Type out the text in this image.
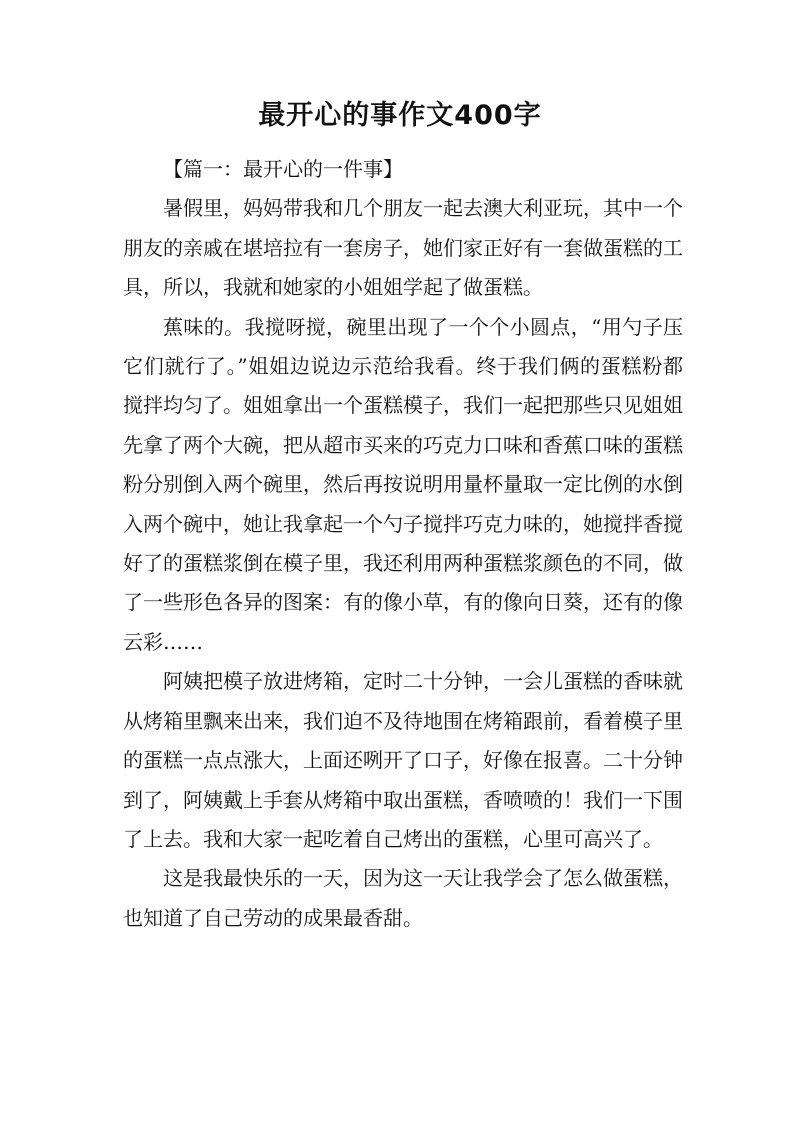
最开心的事作文400字

【篇一：最开心的一件事】

暑假里，妈妈带我和几个朋友一起去澳大利亚玩，其中一个朋友的亲戚在堪培拉有一套房子，她们家正好有一套做蛋糕的工具，所以，我就和她家的小姐姐学起了做蛋糕。

蕉味的。我搅呀搅，碗里出现了一个个小圆点，“用勺子压它们就行了。”姐姐边说边示范给我看。终于我们俩的蛋糕粉都搅拌均匀了。姐姐拿出一个蛋糕模子，我们一起把那些只见姐姐先拿了两个大碗，把从超市买来的巧克力口味和香蕉口味的蛋糕粉分别倒入两个碗里，然后再按说明用量杯量取一定比例的水倒入两个碗中，她让我拿起一个勺子搅拌巧克力味的，她搅拌香搅好了的蛋糕浆倒在模子里，我还利用两种蛋糕浆颜色的不同，做了一些形色各异的图案：有的像小草，有的像向日葵，还有的像云彩……

阿姨把模子放进烤箱，定时二十分钟，一会儿蛋糕的香味就从烤箱里飘来出来，我们迫不及待地围在烤箱跟前，看着模子里的蛋糕一点点涨大，上面还咧开了口子，好像在报喜。二十分钟到了，阿姨戴上手套从烤箱中取出蛋糕，香喷喷的！我们一下围了上去。我和大家一起吃着自己烤出的蛋糕，心里可高兴了。

这是我最快乐的一天，因为这一天让我学会了怎么做蛋糕，也知道了自己劳动的成果最香甜。
